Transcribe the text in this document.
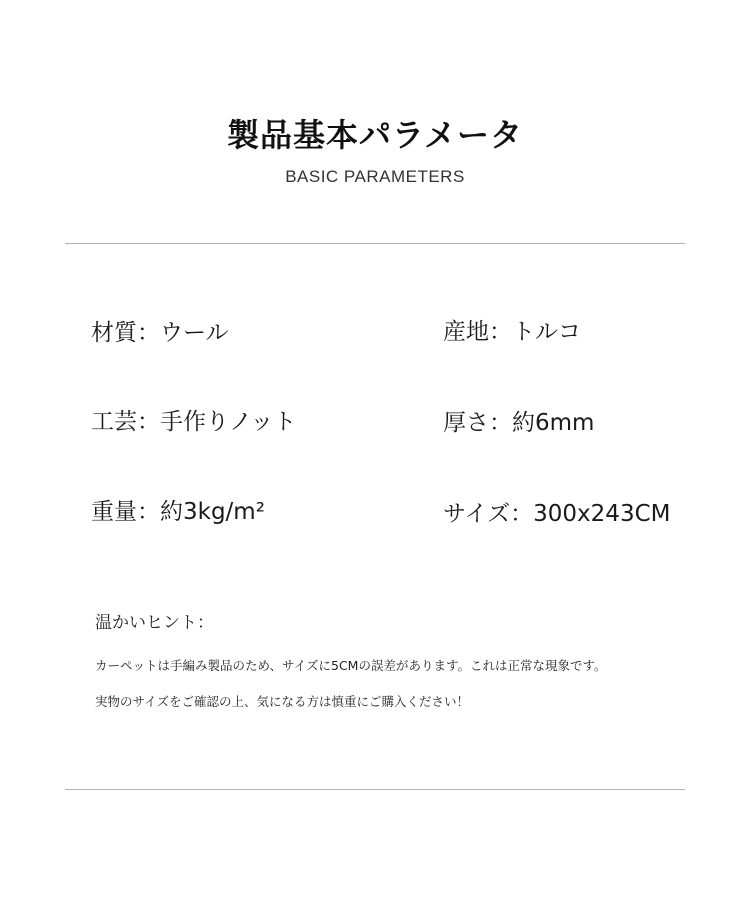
製品基本パラメータ
BASIC PARAMETERS
材質：ウール	産地：トルコ
工芸：手作りノット	厚さ：約6mm
重量：約3kg/m²	サイズ：300x243CM
温かいヒント：
カーペットは手編み製品のため、サイズに5CMの誤差があります。これは正常な現象です。
実物のサイズをご確認の上、気になる方は慎重にご購入ください！
